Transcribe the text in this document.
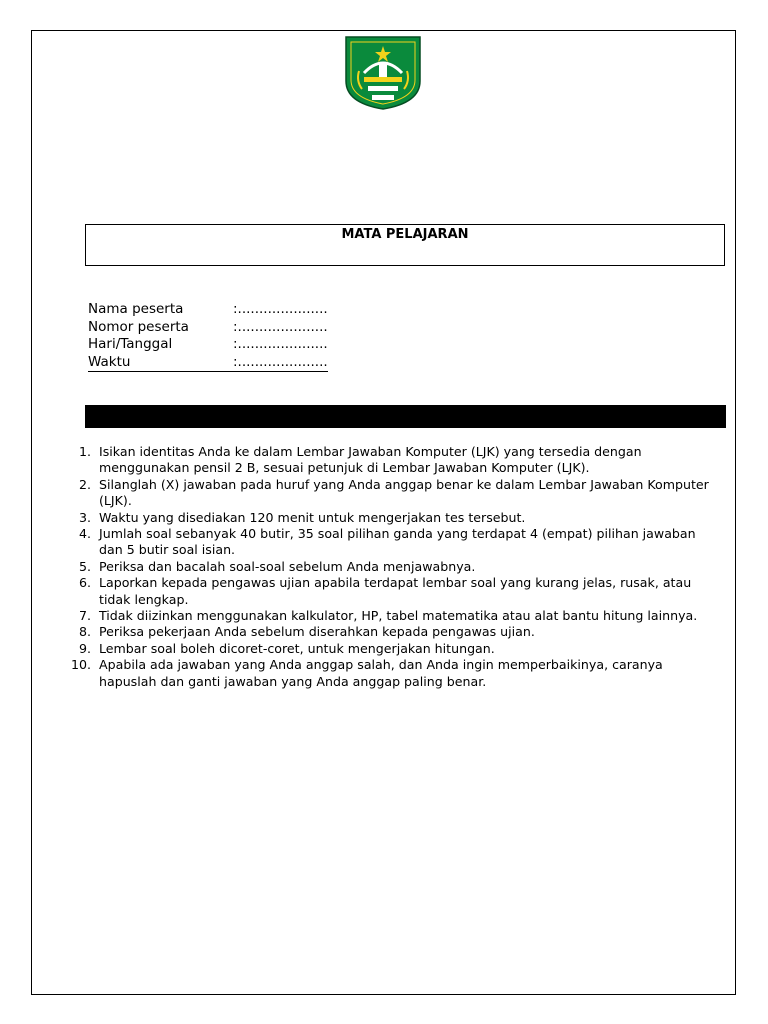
MATA PELAJARAN
Nama peserta	:.....................
Nomor peserta	:.....................
Hari/Tanggal	:.....................
Waktu	:.....................
1. Isikan identitas Anda ke dalam Lembar Jawaban Komputer (LJK) yang tersedia dengan menggunakan pensil 2 B, sesuai petunjuk di Lembar Jawaban Komputer (LJK).
2. Silanglah (X) jawaban pada huruf yang Anda anggap benar ke dalam Lembar Jawaban Komputer (LJK).
3. Waktu yang disediakan 120 menit untuk mengerjakan tes tersebut.
4. Jumlah soal sebanyak 40 butir, 35 soal pilihan ganda yang terdapat 4 (empat) pilihan jawaban dan 5 butir soal isian.
5. Periksa dan bacalah soal-soal sebelum Anda menjawabnya.
6. Laporkan kepada pengawas ujian apabila terdapat lembar soal yang kurang jelas, rusak, atau tidak lengkap.
7. Tidak diizinkan menggunakan kalkulator, HP, tabel matematika atau alat bantu hitung lainnya.
8. Periksa pekerjaan Anda sebelum diserahkan kepada pengawas ujian.
9. Lembar soal boleh dicoret-coret, untuk mengerjakan hitungan.
10. Apabila ada jawaban yang Anda anggap salah, dan Anda ingin memperbaikinya, caranya hapuslah dan ganti jawaban yang Anda anggap paling benar.
